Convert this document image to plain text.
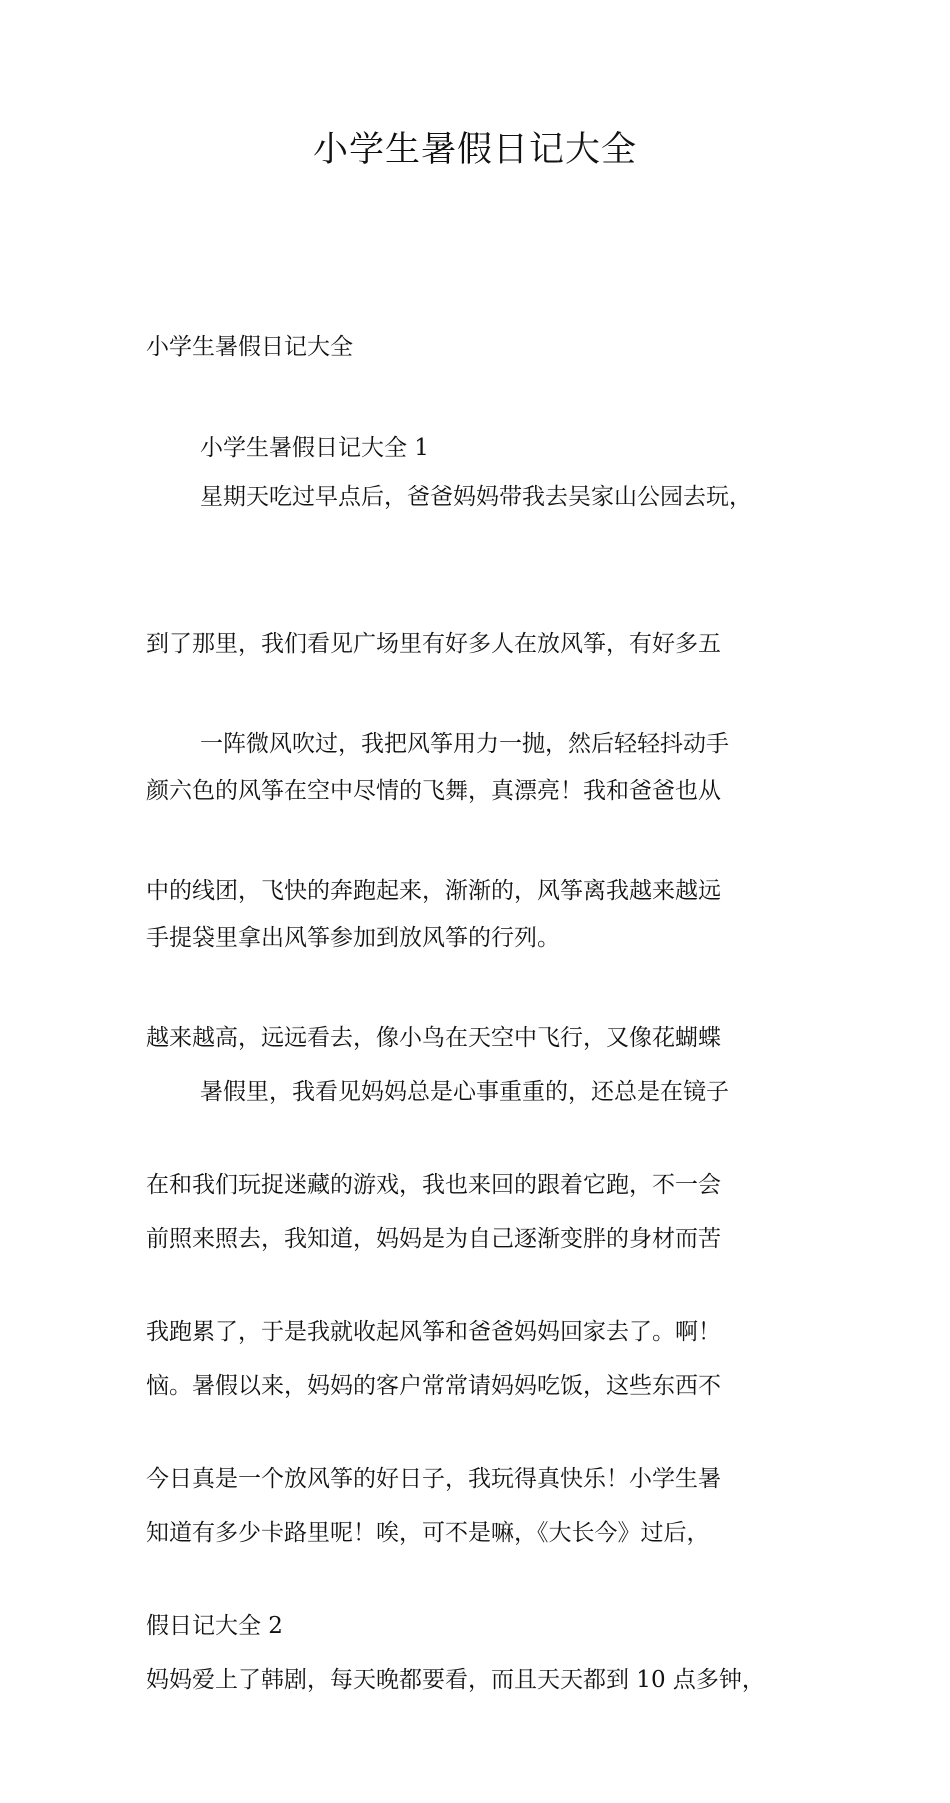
小学生暑假日记大全

小学生暑假日记大全

小学生暑假日记大全 1

星期天吃过早点后，爸爸妈妈带我去吴家山公园去玩，

到了那里，我们看见广场里有好多人在放风筝，有好多五

颜六色的风筝在空中尽情的飞舞，真漂亮！我和爸爸也从

手提袋里拿出风筝参加到放风筝的行列。

一阵微风吹过，我把风筝用力一抛，然后轻轻抖动手

中的线团，飞快的奔跑起来，渐渐的，风筝离我越来越远

越来越高，远远看去，像小鸟在天空中飞行，又像花蝴蝶

在和我们玩捉迷藏的游戏，我也来回的跟着它跑，不一会

我跑累了，于是我就收起风筝和爸爸妈妈回家去了。啊！

今日真是一个放风筝的好日子，我玩得真快乐！小学生暑

假日记大全 2

暑假里，我看见妈妈总是心事重重的，还总是在镜子

前照来照去，我知道，妈妈是为自己逐渐变胖的身材而苦

恼。暑假以来，妈妈的客户常常请妈妈吃饭，这些东西不

知道有多少卡路里呢！唉，可不是嘛，《大长今》过后，

妈妈爱上了韩剧，每天晚都要看，而且天天都到 10 点多钟，
